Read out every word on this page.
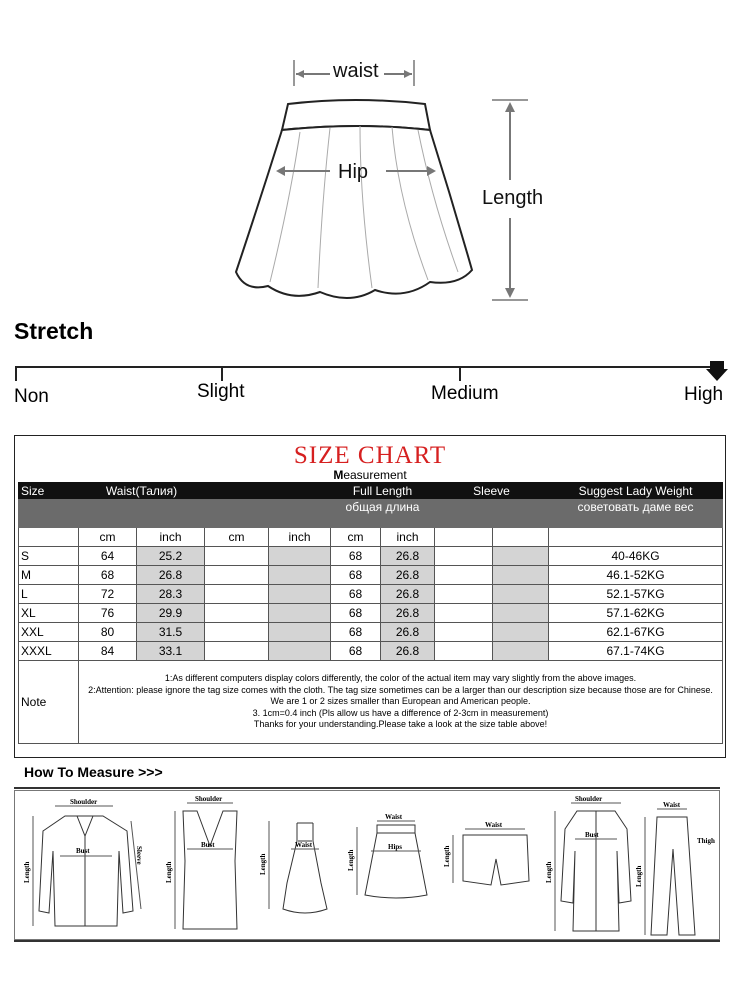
waist
Hip
Length
Stretch
Non	Slight	Medium	High
SIZE CHART
Measurement
Size	Waist(Талия)				Full Length		Sleeve		Suggest Lady Weight
					общая длина				советовать даме вес

	cm	inch	cm	inch	cm	inch			
S	64	25.2			68	26.8			40-46KG
M	68	26.8			68	26.8			46.1-52KG
L	72	28.3			68	26.8			52.1-57KG
XL	76	29.9			68	26.8			57.1-62KG
XXL	80	31.5			68	26.8			62.1-67KG
XXXL	84	33.1			68	26.8			67.1-74KG
Note	1:As different computers display colors differently, the color of the actual item may vary slightly from the above images.
2:Attention: please ignore the tag size comes with the cloth. The tag size sometimes can be a larger than our description size because those are for Chinese.
We are 1 or 2 sizes smaller than European and American people.
3. 1cm=0.4 inch (Pls allow us have a difference of 2-3cm in measurement)
Thanks for your understanding.Please take a look at the size table above!								
How To Measure >>>
Shoulder
Bust
Length
Sleeve
Shoulder
Bust
Length
Waist
Length
Waist
Hips
Length
Waist
Length
Shoulder
Bust
Length
Waist
Thigh
Length
